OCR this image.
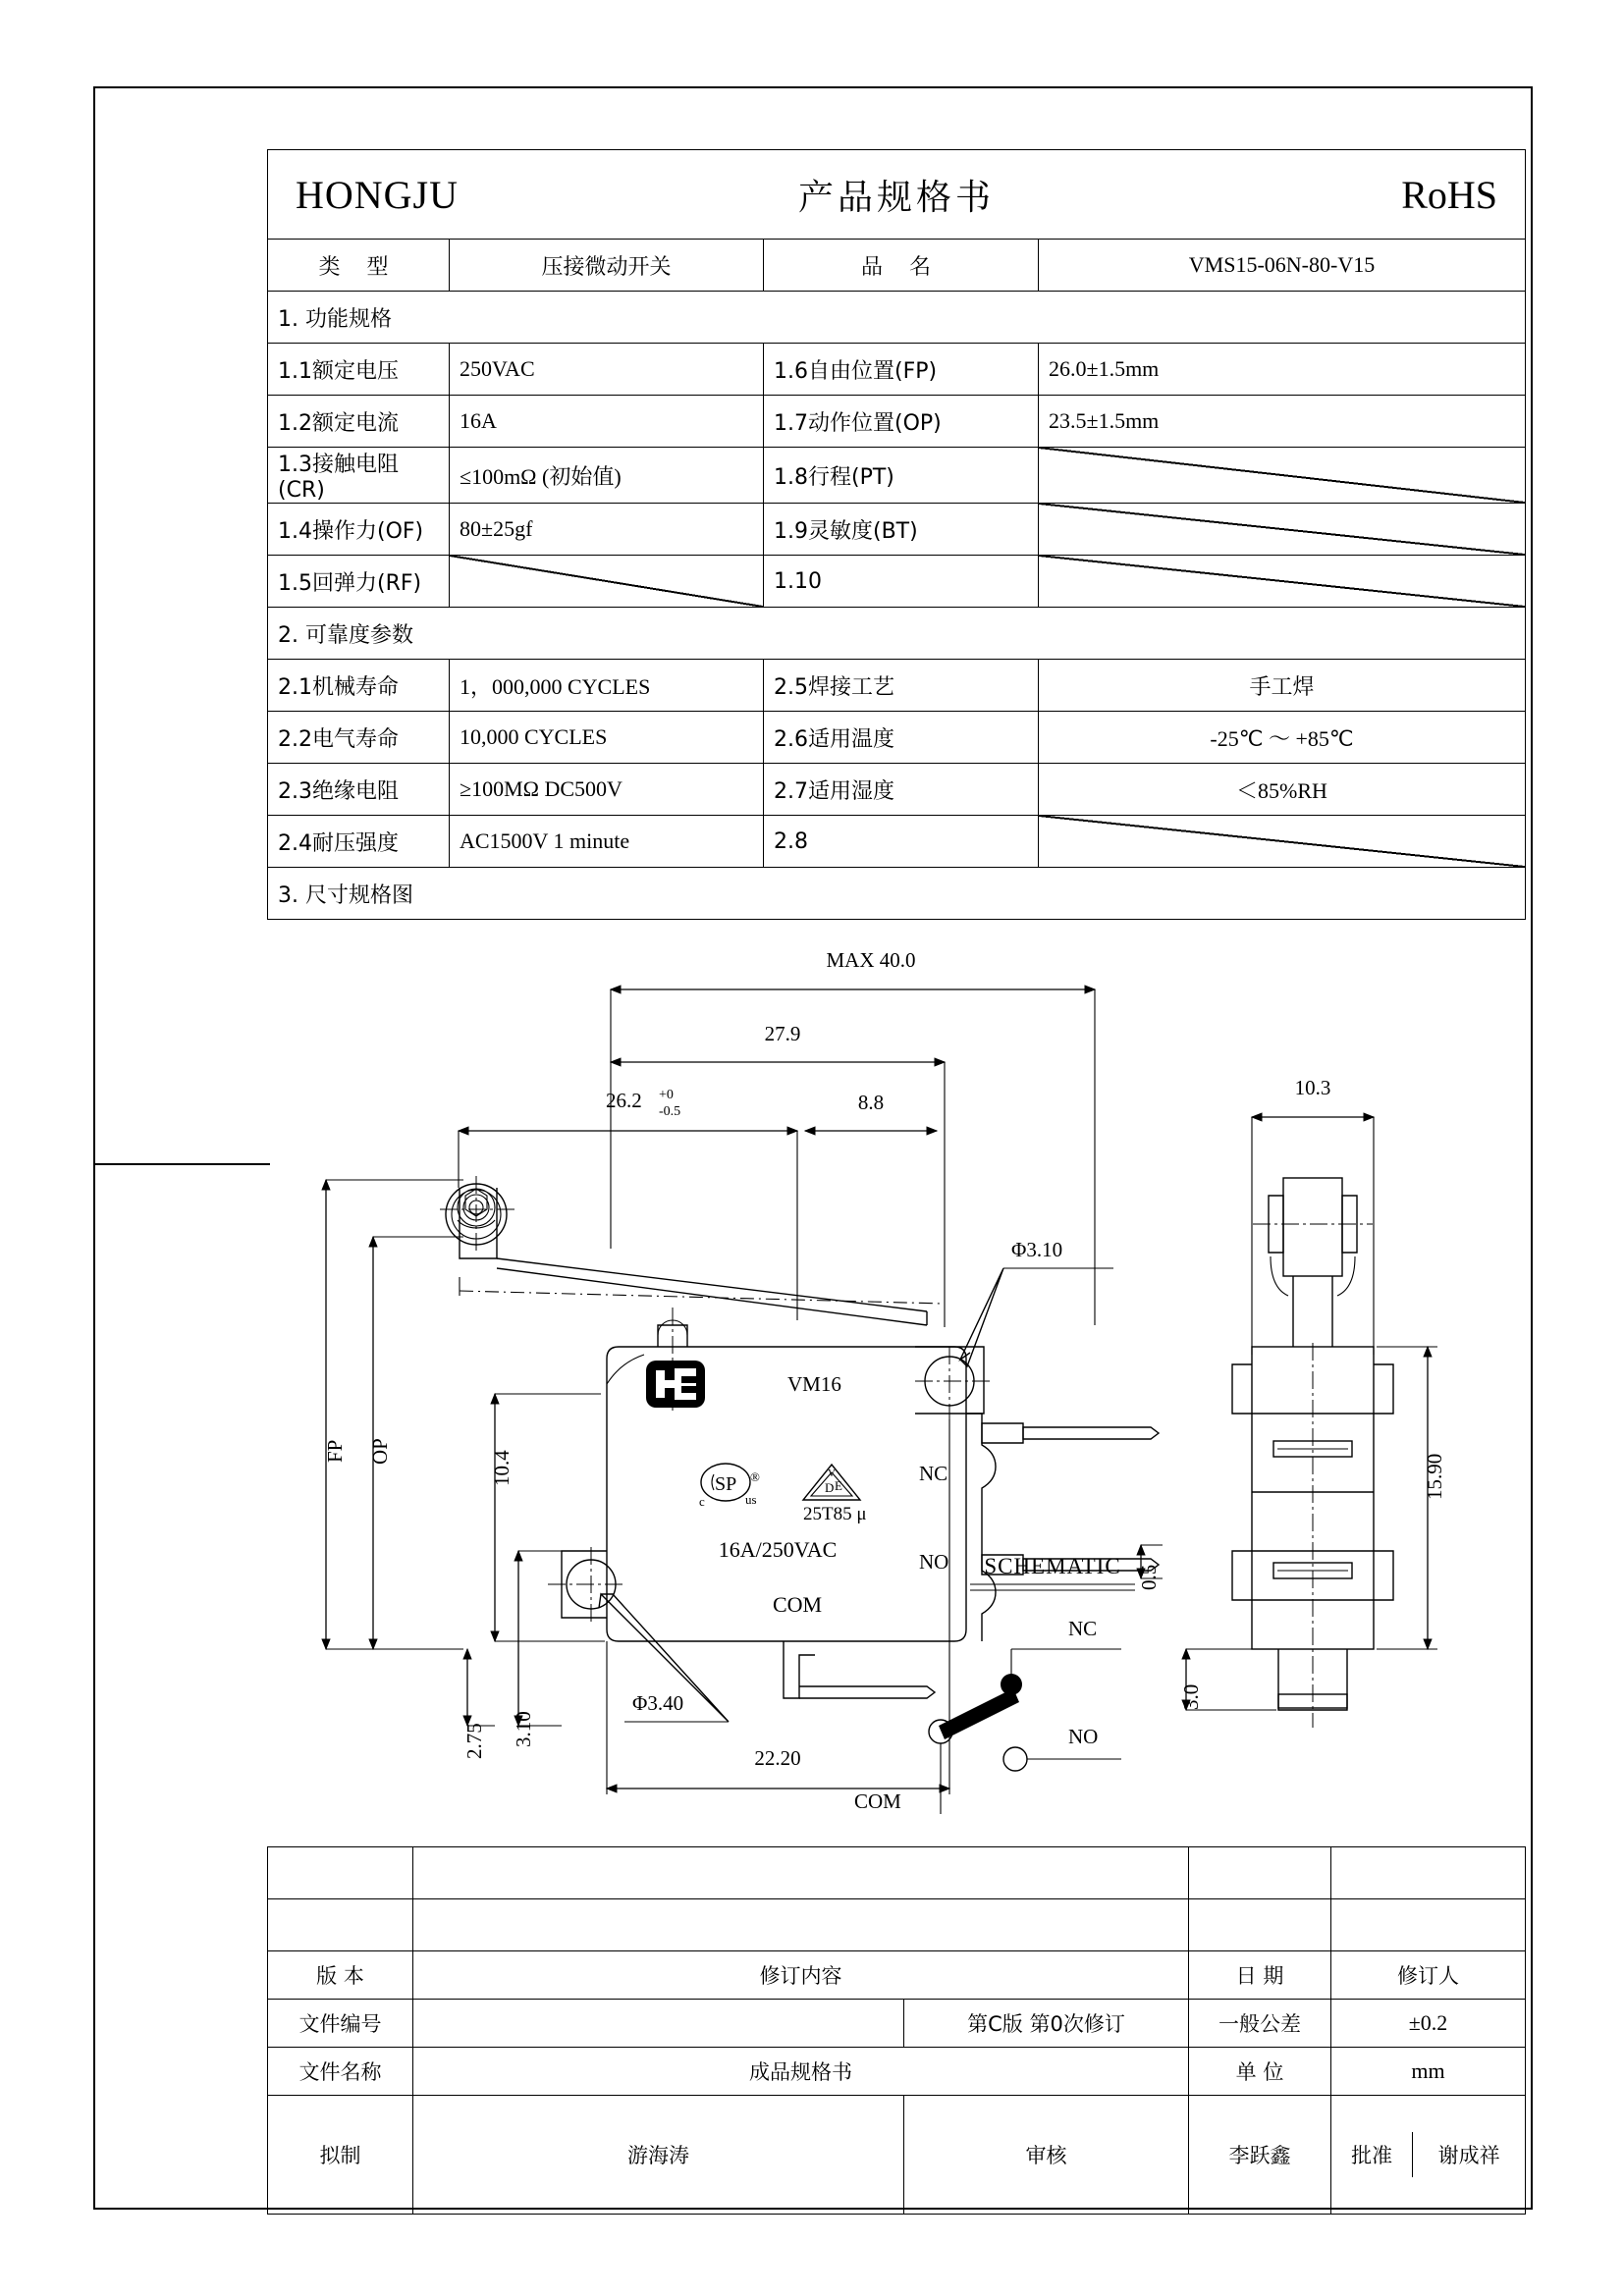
HONGJU 产品规格书 RoHS			

类 型	压接微动开关	品 名	VMS15-06N-80-V15
1. 功能规格			
1.1额定电压	250VAC	1.6自由位置(FP)	26.0±1.5mm
1.2额定电流	16A	1.7动作位置(OP)	23.5±1.5mm
1.3接触电阻(CR)	≤100mΩ (初始值)	1.8行程(PT)	
1.4操作力(OF)	80±25gf	1.9灵敏度(BT)	
1.5回弹力(RF)		1.10	
2. 可靠度参数			
2.1机械寿命	1，000,000 CYCLES	2.5焊接工艺	手工焊
2.2电气寿命	10,000 CYCLES	2.6适用温度	-25℃ ～ +85℃
2.3绝缘电阻	≥100MΩ DC500V	2.7适用湿度	＜85%RH
2.4耐压强度	AC1500V 1 minute	2.8	
3. 尺寸规格图			
MAX 40.0
27.9
26.2 +0
-0.5	8.8
FP OP
Φ3.10
Φ3.40
VM16
SP
c	us
®	V
D E
25T85 μ
16A/250VAC
COM
NC
NO
0.5
10.4
2.75 3.10
22.20
10.3
15.90
3.0
SCHEMATIC
NC
NO
COM

版 本	修订内容	日 期	修订人
文件编号		第C版 第0次修订	一般公差	±0.2
文件名称	成品规格书	单 位	mm
拟制	游海涛	审核	李跃鑫		批准	谢成祥
